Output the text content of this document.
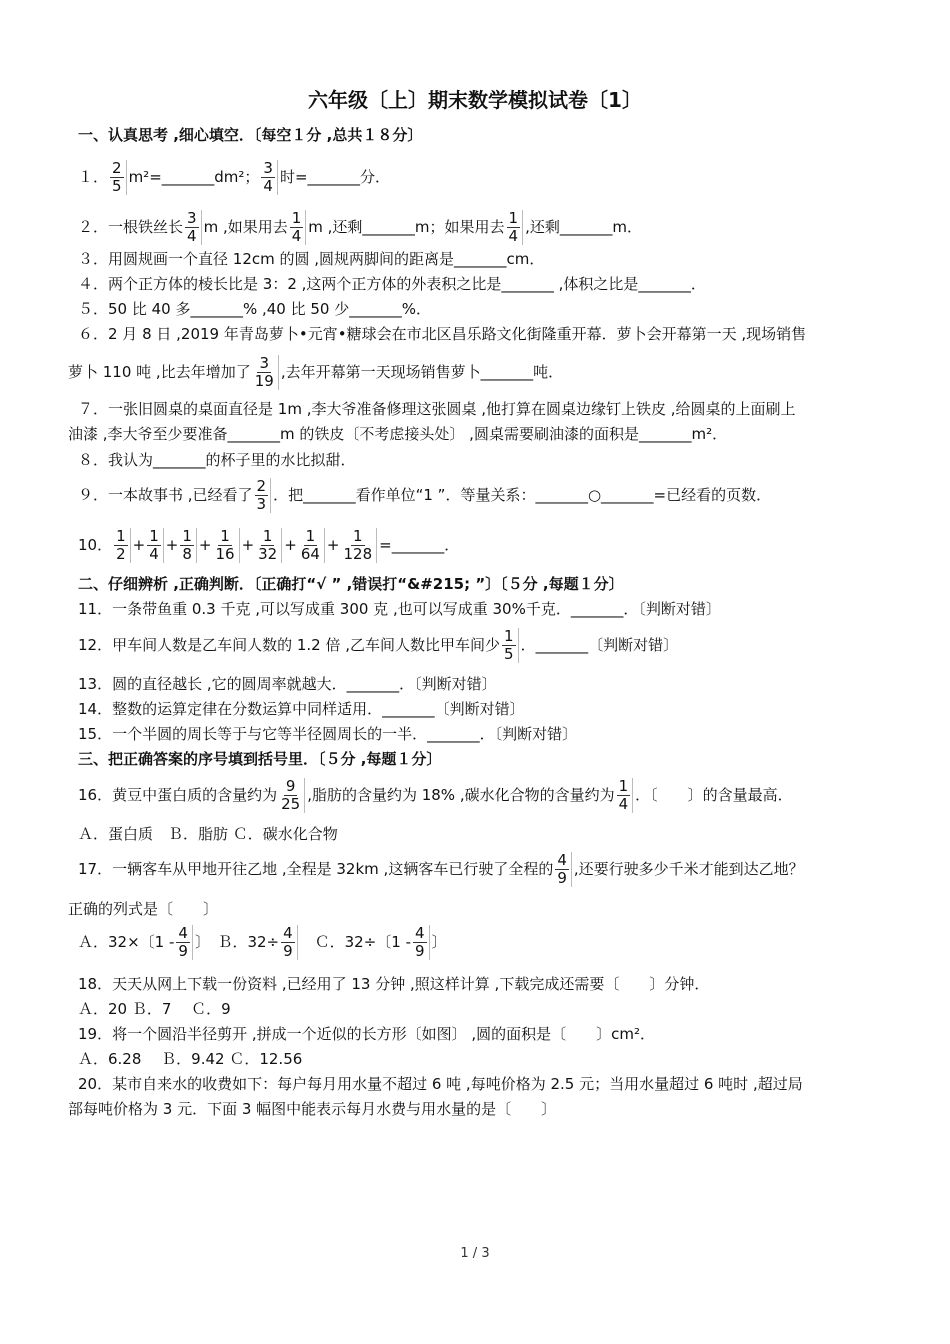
六年级〔上〕期末数学模拟试卷〔1〕
一、认真思考 ,细心填空．〔每空１分 ,总共１８分〕
１． $\frac{2}{5}$ m²=_______dm²； $\frac{3}{4}$ 时=_______分．
２．一根铁丝长 $\frac{3}{4}$ m ,如果用去 $\frac{1}{4}$ m ,还剩_______m；如果用去 $\frac{1}{4}$ ,还剩_______m．
３．用圆规画一个直径 12cm 的圆 ,圆规两脚间的距离是_______cm．
４．两个正方体的棱长比是 3：2 ,这两个正方体的外表积之比是_______ ,体积之比是_______．
５．50 比 40 多_______% ,40 比 50 少_______%．
６．2 月 8 日 ,2019 年青岛萝卜•元宵•糖球会在市北区昌乐路文化街隆重开幕．萝卜会开幕第一天 ,现场销售
萝卜 110 吨 ,比去年增加了 $\frac{3}{19}$ ,去年开幕第一天现场销售萝卜_______吨．
７．一张旧圆桌的桌面直径是 1m ,李大爷准备修理这张圆桌 ,他打算在圆桌边缘钉上铁皮 ,给圆桌的上面刷上
油漆 ,李大爷至少要准备_______m 的铁皮〔不考虑接头处〕 ,圆桌需要刷油漆的面积是_______m²．
８．我认为_______的杯子里的水比拟甜．
９．一本故事书 ,已经看了 $\frac{2}{3}$ ．把_______看作单位“1 ”．等量关系：_______○_______=已经看的页数．
10． $\frac{1}{2} + \frac{1}{4} + \frac{1}{8} + \frac{1}{16} + \frac{1}{32} + \frac{1}{64} + \frac{1}{128}$ =_______．
二、仔细辨析 ,正确判断．〔正确打“√ ” ,错误打“&#215; ”〕〔５分 ,每题１分〕
11．一条带鱼重 0.3 千克 ,可以写成重 300 克 ,也可以写成重 30%千克．_______．〔判断对错〕
12．甲车间人数是乙车间人数的 1.2 倍 ,乙车间人数比甲车间少 $\frac{1}{5}$ ．_______〔判断对错〕
13．圆的直径越长 ,它的圆周率就越大．_______．〔判断对错〕
14．整数的运算定律在分数运算中同样适用．_______〔判断对错〕
15．一个半圆的周长等于与它等半径圆周长的一半．_______．〔判断对错〕
三、把正确答案的序号填到括号里．〔５分 ,每题１分〕
16．黄豆中蛋白质的含量约为 $\frac{9}{25}$ ,脂肪的含量约为 18% ,碳水化合物的含量约为 $\frac{1}{4}$ ．〔　　〕的含量最高．
Ａ．蛋白质　Ｂ．脂肪 Ｃ．碳水化合物
17．一辆客车从甲地开往乙地 ,全程是 32km ,这辆客车已行驶了全程的 $\frac{4}{9}$ ,还要行驶多少千米才能到达乙地？
正确的列式是〔　　〕
Ａ．32×〔$1 - \frac{4}{9}$ 〕　Ｂ．$32\div \frac{4}{9}$ 　Ｃ．32÷〔$1 - \frac{4}{9}$ 〕
18．天天从网上下载一份资料 ,已经用了 13 分钟 ,照这样计算 ,下载完成还需要〔　　〕分钟．
Ａ．20 Ｂ．7　 Ｃ．9
19．将一个圆沿半径剪开 ,拼成一个近似的长方形〔如图〕 ,圆的面积是〔　　〕cm²．
Ａ．6.28　 Ｂ．9.42 Ｃ．12.56
20．某市自来水的收费如下：每户每月用水量不超过 6 吨 ,每吨价格为 2.5 元；当用水量超过 6 吨时 ,超过局
部每吨价格为 3 元．下面 3 幅图中能表示每月水费与用水量的是〔　　〕
1 / 3
